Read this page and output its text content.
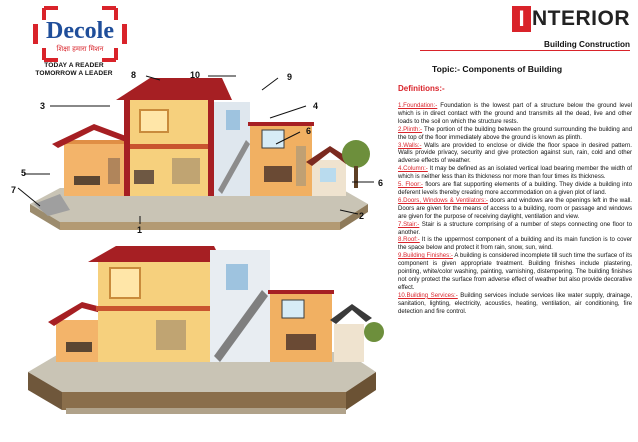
Decole
शिक्षा हमारा मिशन
TODAY A READER
TOMORROW A LEADER
I NTERIOR
Building Construction
Topic:- Components of Building
8	10	9
3	4
6
5
6
7
2
1
Definitions:-
1.Foundation:- Foundation is the lowest part of a structure below the ground level which is in direct contact with the ground and transmits all the dead, live and other loads to the soil on which the structure rests.
2.Plinth:- The portion of the building between the ground surrounding the building and the top of the floor immediately above the ground is known as plinth.
3.Walls:- Walls are provided to enclose or divide the floor space in desired pattern. Walls provide privacy, security and give protection against sun, rain, cold and other adverse effects of weather.
4.Column:- It may be defined as an isolated vertical load bearing member the width of which is neither less than its thickness nor more than four times its thickness.
5. Floor:- floors are flat supporting elements of a building. They divide a building into deferent levels thereby creating more accommodation on a given plot of land.
6.Doors, Windows & Ventilators:- doors and windows are the openings left in the wall. Doors are given for the means of access to a building, room or passage and windows are given for the purpose of receiving daylight, ventilation and view.
7.Stair:- Stair is a structure comprising of a number of steps connecting one floor to another.
8.Roof:- It is the uppermost component of a building and its main function is to cover the space below and protect it from rain, snow, sun, wind.
9.Building Finishes:- A building is considered incomplete till such time the surface of its component is given appropriate treatment. Building finishes include plastering, pointing, white/color washing, painting, varnishing, distempering. The building finishes not only protect the surface from adverse effect of weather but also provide decorative effect.
10.Building Services:- Building services include services like water supply, drainage, sanitation, lighting, electricity, acoustics, heating, ventilation, air conditioning, fire detection and fire control.
